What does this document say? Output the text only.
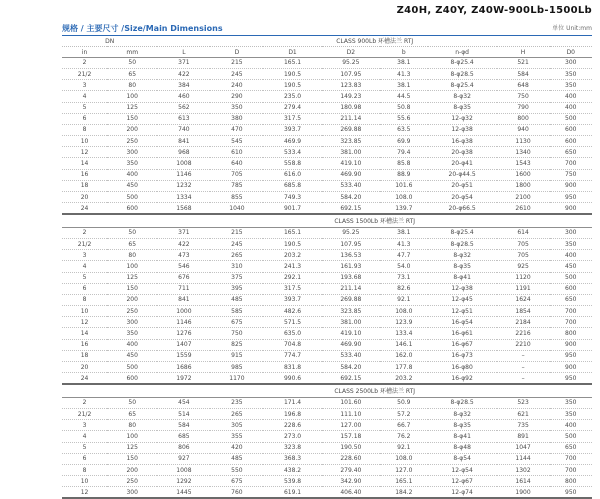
Z40H, Z40Y, Z40W-900Lb-1500Lb
规格 / 主要尺寸 /Size/Main Dimensions	单位 Unit:mm
DN		CLASS 900Lb 环槽法兰 RTJ							
in	mm	L	D	D1	D2	b	n-φd	H	D0
2	50	371	215	165.1	95.25	38.1	8-φ25.4	521	300
21/2	65	422	245	190.5	107.95	41.3	8-φ28.5	584	350
3	80	384	240	190.5	123.83	38.1	8-φ25.4	648	350
4	100	460	290	235.0	149.23	44.5	8-φ32	750	400
5	125	562	350	279.4	180.98	50.8	8-φ35	790	400
6	150	613	380	317.5	211.14	55.6	12-φ32	800	500
8	200	740	470	393.7	269.88	63.5	12-φ38	940	600
10	250	841	545	469.9	323.85	69.9	16-φ38	1130	600
12	300	968	610	533.4	381.00	79.4	20-φ38	1340	650
14	350	1008	640	558.8	419.10	85.8	20-φ41	1543	700
16	400	1146	705	616.0	469.90	88.9	20-φ44.5	1600	750
18	450	1232	785	685.8	533.40	101.6	20-φ51	1800	900
20	500	1334	855	749.3	584.20	108.0	20-φ54	2100	950
24	600	1568	1040	901.7	692.15	139.7	20-φ66.5	2610	900
		CLASS 1500Lb 环槽法兰 RTJ							
2	50	371	215	165.1	95.25	38.1	8-φ25.4	614	300
21/2	65	422	245	190.5	107.95	41.3	8-φ28.5	705	350
3	80	473	265	203.2	136.53	47.7	8-φ32	705	400
4	100	546	310	241.3	161.93	54.0	8-φ35	925	450
5	125	676	375	292.1	193.68	73.1	8-φ41	1120	500
6	150	711	395	317.5	211.14	82.6	12-φ38	1191	600
8	200	841	485	393.7	269.88	92.1	12-φ45	1624	650
10	250	1000	585	482.6	323.85	108.0	12-φ51	1854	700
12	300	1146	675	571.5	381.00	123.9	16-φ54	2184	700
14	350	1276	750	635.0	419.10	133.4	16-φ61	2216	800
16	400	1407	825	704.8	469.90	146.1	16-φ67	2210	900
18	450	1559	915	774.7	533.40	162.0	16-φ73	–	950
20	500	1686	985	831.8	584.20	177.8	16-φ80	–	900
24	600	1972	1170	990.6	692.15	203.2	16-φ92	–	950
		CLASS 2500Lb 环槽法兰 RTJ							
2	50	454	235	171.4	101.60	50.9	8-φ28.5	523	350
21/2	65	514	265	196.8	111.10	57.2	8-φ32	621	350
3	80	584	305	228.6	127.00	66.7	8-φ35	735	400
4	100	685	355	273.0	157.18	76.2	8-φ41	891	500
5	125	806	420	323.8	190.50	92.1	8-φ48	1047	650
6	150	927	485	368.3	228.60	108.0	8-φ54	1144	700
8	200	1008	550	438.2	279.40	127.0	12-φ54	1302	700
10	250	1292	675	539.8	342.90	165.1	12-φ67	1614	800
12	300	1445	760	619.1	406.40	184.2	12-φ74	1900	950
